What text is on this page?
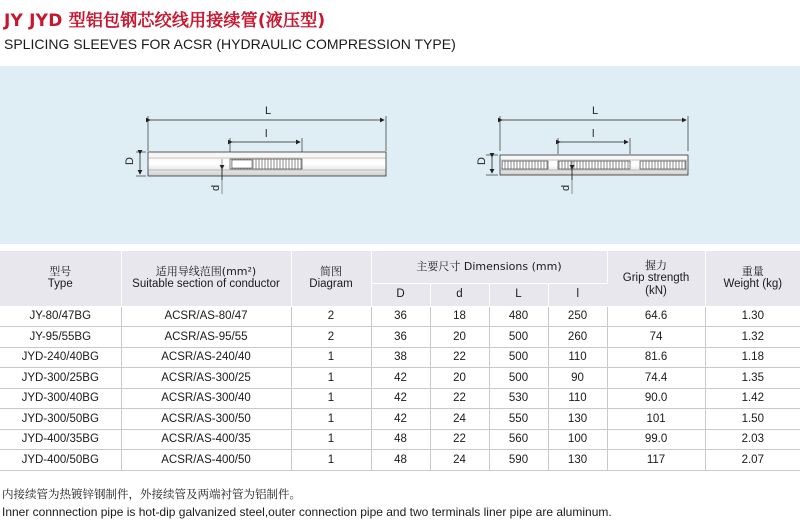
JY JYD 型铝包钢芯绞线用接续管(液压型)
SPLICING SLEEVES FOR ACSR (HYDRAULIC COMPRESSION TYPE)
L
l
D
d
L
l
D
d
型号
Type	适用导线范围(mm²)
Suitable section of conductor	简图
Diagram	主要尺寸 Dimensions (mm)				握力
Grip strength
(kN)	重量
Weight (kg)

			D	d	L	l		
JY-80/47BG	ACSR/AS-80/47	2	36	18	480	250	64.6	1.30
JY-95/55BG	ACSR/AS-95/55	2	36	20	500	260	74	1.32
JYD-240/40BG	ACSR/AS-240/40	1	38	22	500	110	81.6	1.18
JYD-300/25BG	ACSR/AS-300/25	1	42	20	500	90	74.4	1.35
JYD-300/40BG	ACSR/AS-300/40	1	42	22	530	110	90.0	1.42
JYD-300/50BG	ACSR/AS-300/50	1	42	24	550	130	101	1.50
JYD-400/35BG	ACSR/AS-400/35	1	48	22	560	100	99.0	2.03
JYD-400/50BG	ACSR/AS-400/50	1	48	24	590	130	117	2.07
内接续管为热镀锌钢制件，外接续管及两端衬管为铝制件。
Inner connnection pipe is hot-dip galvanized steel,outer connection pipe and two terminals liner pipe are aluminum.
